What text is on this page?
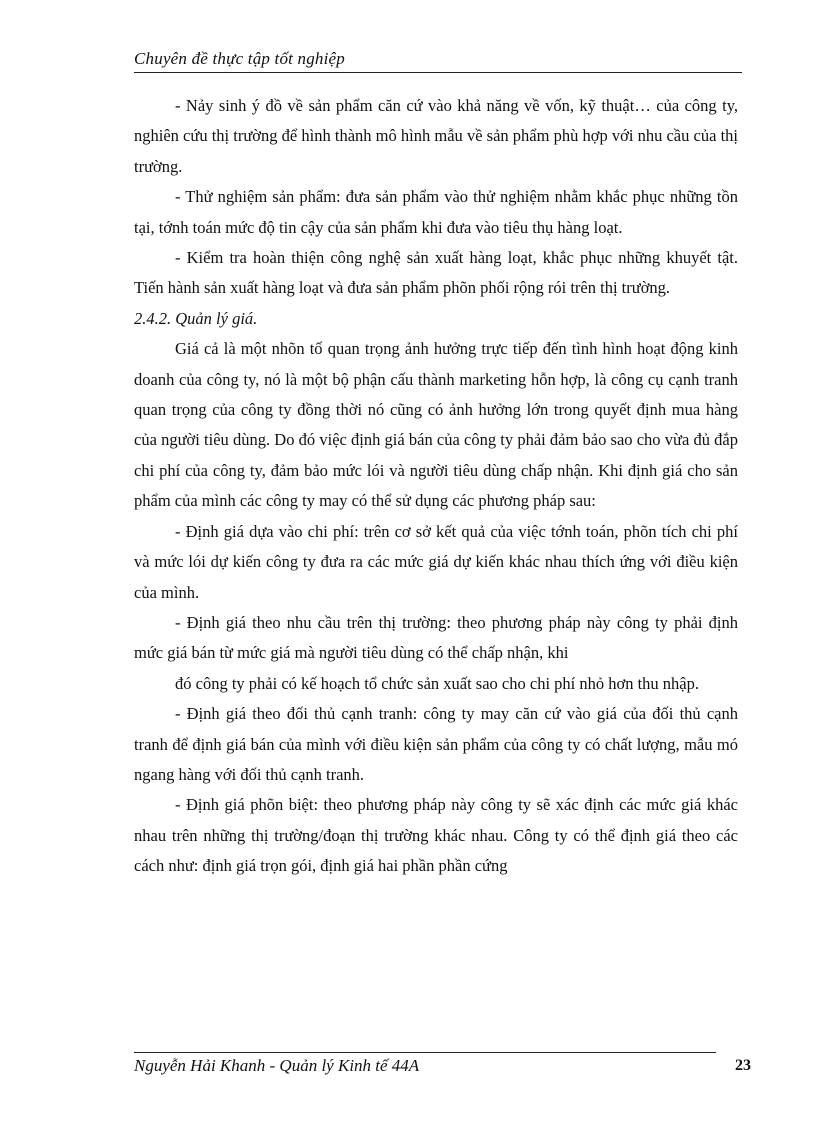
Chuyên đề thực tập tốt nghiệp

- Nảy sinh ý đồ về sản phẩm căn cứ vào khả năng về vốn, kỹ thuật… của công ty, nghiên cứu thị trường để hình thành mô hình mẫu về sản phẩm phù hợp với nhu cầu của thị trường.

- Thử nghiệm sản phẩm: đưa sản phẩm vào thử nghiệm nhằm khắc phục những tồn tại, tớnh toán mức độ tin cậy của sản phẩm khi đưa vào tiêu thụ hàng loạt.

- Kiểm tra hoàn thiện công nghệ sản xuất hàng loạt, khắc phục những khuyết tật. Tiến hành sản xuất hàng loạt và đưa sản phẩm phõn phối rộng rói trên thị trường.

2.4.2. Quản lý giá.

Giá cả là một nhõn tố quan trọng ảnh hưởng trực tiếp đến tình hình hoạt động kinh doanh của công ty, nó là một bộ phận cấu thành marketing hỗn hợp, là công cụ cạnh tranh quan trọng của công ty đồng thời nó cũng có ảnh hưởng lớn trong quyết định mua hàng của người tiêu dùng. Do đó việc định giá bán của công ty phải đảm bảo sao cho vừa đủ đắp chi phí của công ty, đảm bảo mức lói và người tiêu dùng chấp nhận. Khi định giá cho sản phẩm của mình các công ty may có thể sử dụng các phương pháp sau:

- Định giá dựa vào chi phí: trên cơ sở kết quả của việc tớnh toán, phõn tích chi phí và mức lói dự kiến công ty đưa ra các mức giá dự kiến khác nhau thích ứng với điều kiện của mình.

- Định giá theo nhu cầu trên thị trường: theo phương pháp này công ty phải định mức giá bán từ mức giá mà người tiêu dùng có thể chấp nhận, khi

đó công ty phải có kế hoạch tổ chức sản xuất sao cho chi phí nhỏ hơn thu nhập.

- Định giá theo đối thủ cạnh tranh: công ty may căn cứ vào giá của đối thủ cạnh tranh để định giá bán của mình với điều kiện sản phẩm của công ty có chất lượng, mẫu mó ngang hàng với đối thủ cạnh tranh.

- Định giá phõn biệt: theo phương pháp này công ty sẽ xác định các mức giá khác nhau trên những thị trường/đoạn thị trường khác nhau. Công ty có thể định giá theo các cách như: định giá trọn gói, định giá hai phần phần cứng

Nguyễn Hải Khanh - Quản lý Kinh tế 44A	23
